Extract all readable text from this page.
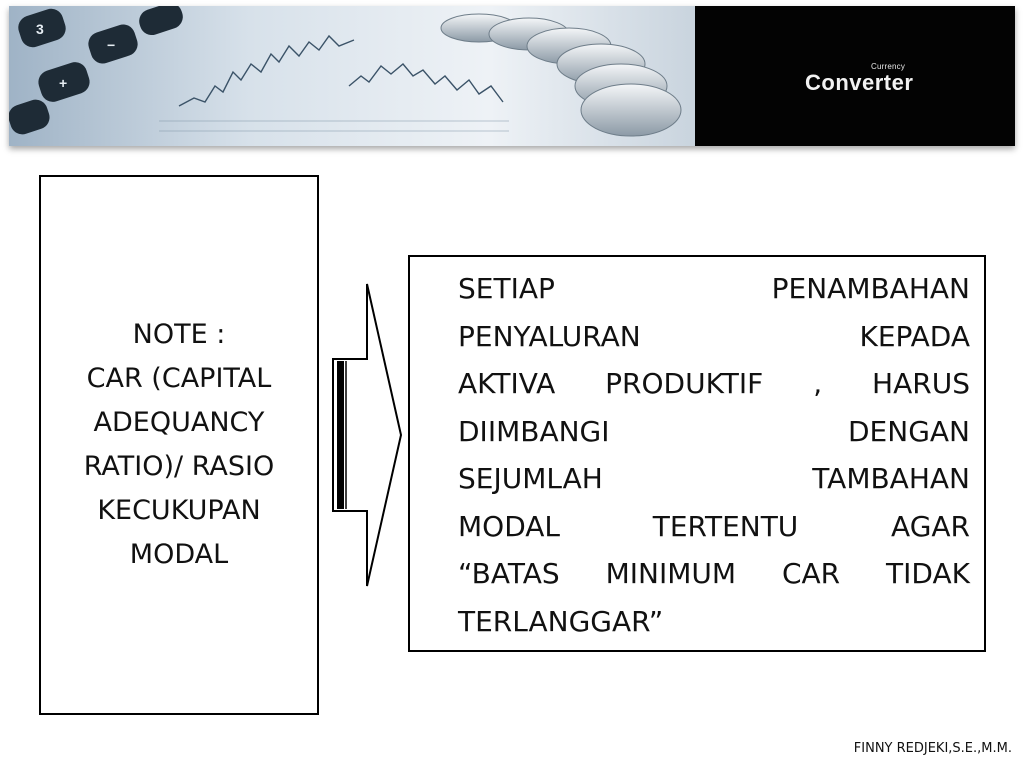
3
−
+
Currency
Converter
NOTE :
CAR (CAPITAL
ADEQUANCY
RATIO)/ RASIO
KECUKUPAN
MODAL
SETIAP	PENAMBAHAN
PENYALURAN	KEPADA
AKTIVA PRODUKTIF , HARUS
DIIMBANGI	DENGAN
SEJUMLAH	TAMBAHAN
MODAL	TERTENTU	AGAR
“BATAS MINIMUM CAR TIDAK
TERLANGGAR”
FINNY REDJEKI,S.E.,M.M.
